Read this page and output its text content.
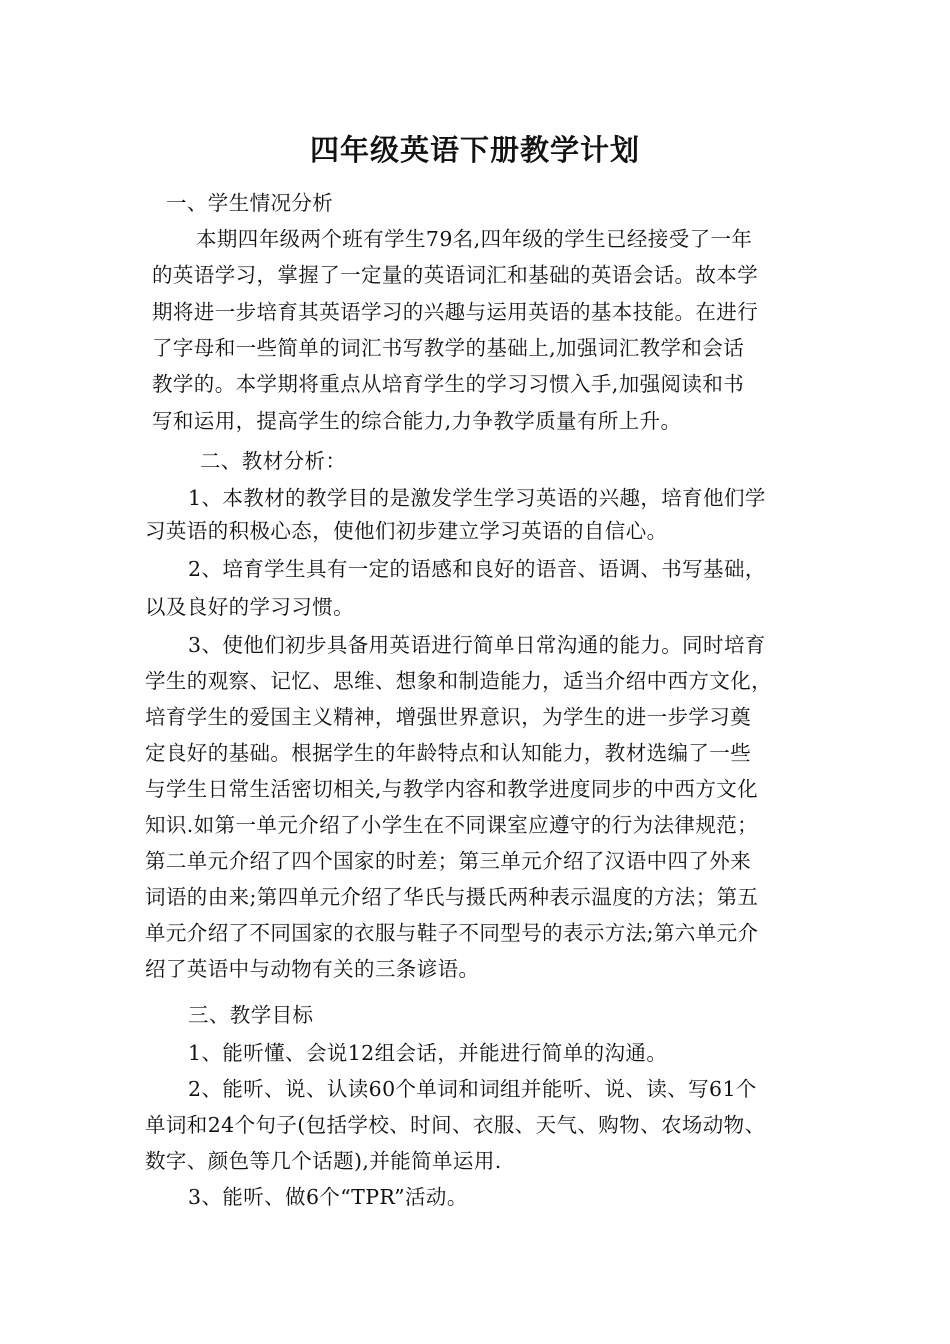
四年级英语下册教学计划
一、学生情况分析
本期四年级两个班有学生79名,四年级的学生已经接受了一年
的英语学习，掌握了一定量的英语词汇和基础的英语会话。故本学
期将进一步培育其英语学习的兴趣与运用英语的基本技能。在进行
了字母和一些简单的词汇书写教学的基础上,加强词汇教学和会话
教学的。本学期将重点从培育学生的学习习惯入手,加强阅读和书
写和运用，提高学生的综合能力,力争教学质量有所上升。
二、教材分析：
1、本教材的教学目的是激发学生学习英语的兴趣，培育他们学
习英语的积极心态，使他们初步建立学习英语的自信心。
2、培育学生具有一定的语感和良好的语音、语调、书写基础，
以及良好的学习习惯。
3、使他们初步具备用英语进行简单日常沟通的能力。同时培育
学生的观察、记忆、思维、想象和制造能力，适当介绍中西方文化，
培育学生的爱国主义精神，增强世界意识，为学生的进一步学习奠
定良好的基础。根据学生的年龄特点和认知能力，教材选编了一些
与学生日常生活密切相关,与教学内容和教学进度同步的中西方文化
知识.如第一单元介绍了小学生在不同课室应遵守的行为法律规范；
第二单元介绍了四个国家的时差；第三单元介绍了汉语中四了外来
词语的由来;第四单元介绍了华氏与摄氏两种表示温度的方法；第五
单元介绍了不同国家的衣服与鞋子不同型号的表示方法;第六单元介
绍了英语中与动物有关的三条谚语。
三、教学目标
1、能听懂、会说12组会话，并能进行简单的沟通。
2、能听、说、认读60个单词和词组并能听、说、读、写61个
单词和24个句子(包括学校、时间、衣服、天气、购物、农场动物、
数字、颜色等几个话题),并能简单运用.
3、能听、做6个“TPR”活动。
